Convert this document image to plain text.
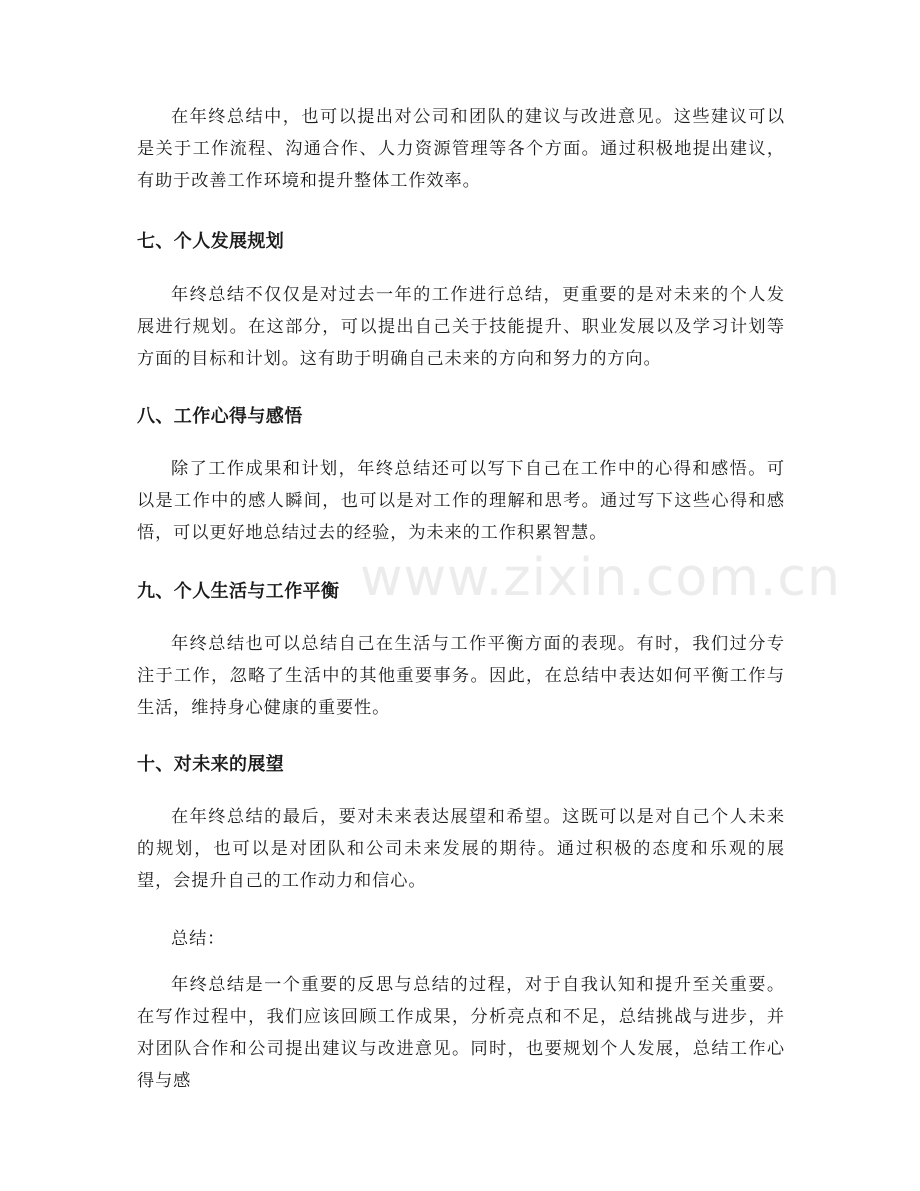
www.zixin.com.cn

在年终总结中，也可以提出对公司和团队的建议与改进意见。这些建议可以是关于工作流程、沟通合作、人力资源管理等各个方面。通过积极地提出建议，有助于改善工作环境和提升整体工作效率。

七、个人发展规划

年终总结不仅仅是对过去一年的工作进行总结，更重要的是对未来的个人发展进行规划。在这部分，可以提出自己关于技能提升、职业发展以及学习计划等方面的目标和计划。这有助于明确自己未来的方向和努力的方向。

八、工作心得与感悟

除了工作成果和计划，年终总结还可以写下自己在工作中的心得和感悟。可以是工作中的感人瞬间，也可以是对工作的理解和思考。通过写下这些心得和感悟，可以更好地总结过去的经验，为未来的工作积累智慧。

九、个人生活与工作平衡

年终总结也可以总结自己在生活与工作平衡方面的表现。有时，我们过分专注于工作，忽略了生活中的其他重要事务。因此，在总结中表达如何平衡工作与生活，维持身心健康的重要性。

十、对未来的展望

在年终总结的最后，要对未来表达展望和希望。这既可以是对自己个人未来的规划，也可以是对团队和公司未来发展的期待。通过积极的态度和乐观的展望，会提升自己的工作动力和信心。

总结：

年终总结是一个重要的反思与总结的过程，对于自我认知和提升至关重要。在写作过程中，我们应该回顾工作成果，分析亮点和不足，总结挑战与进步，并对团队合作和公司提出建议与改进意见。同时，也要规划个人发展，总结工作心得与感
